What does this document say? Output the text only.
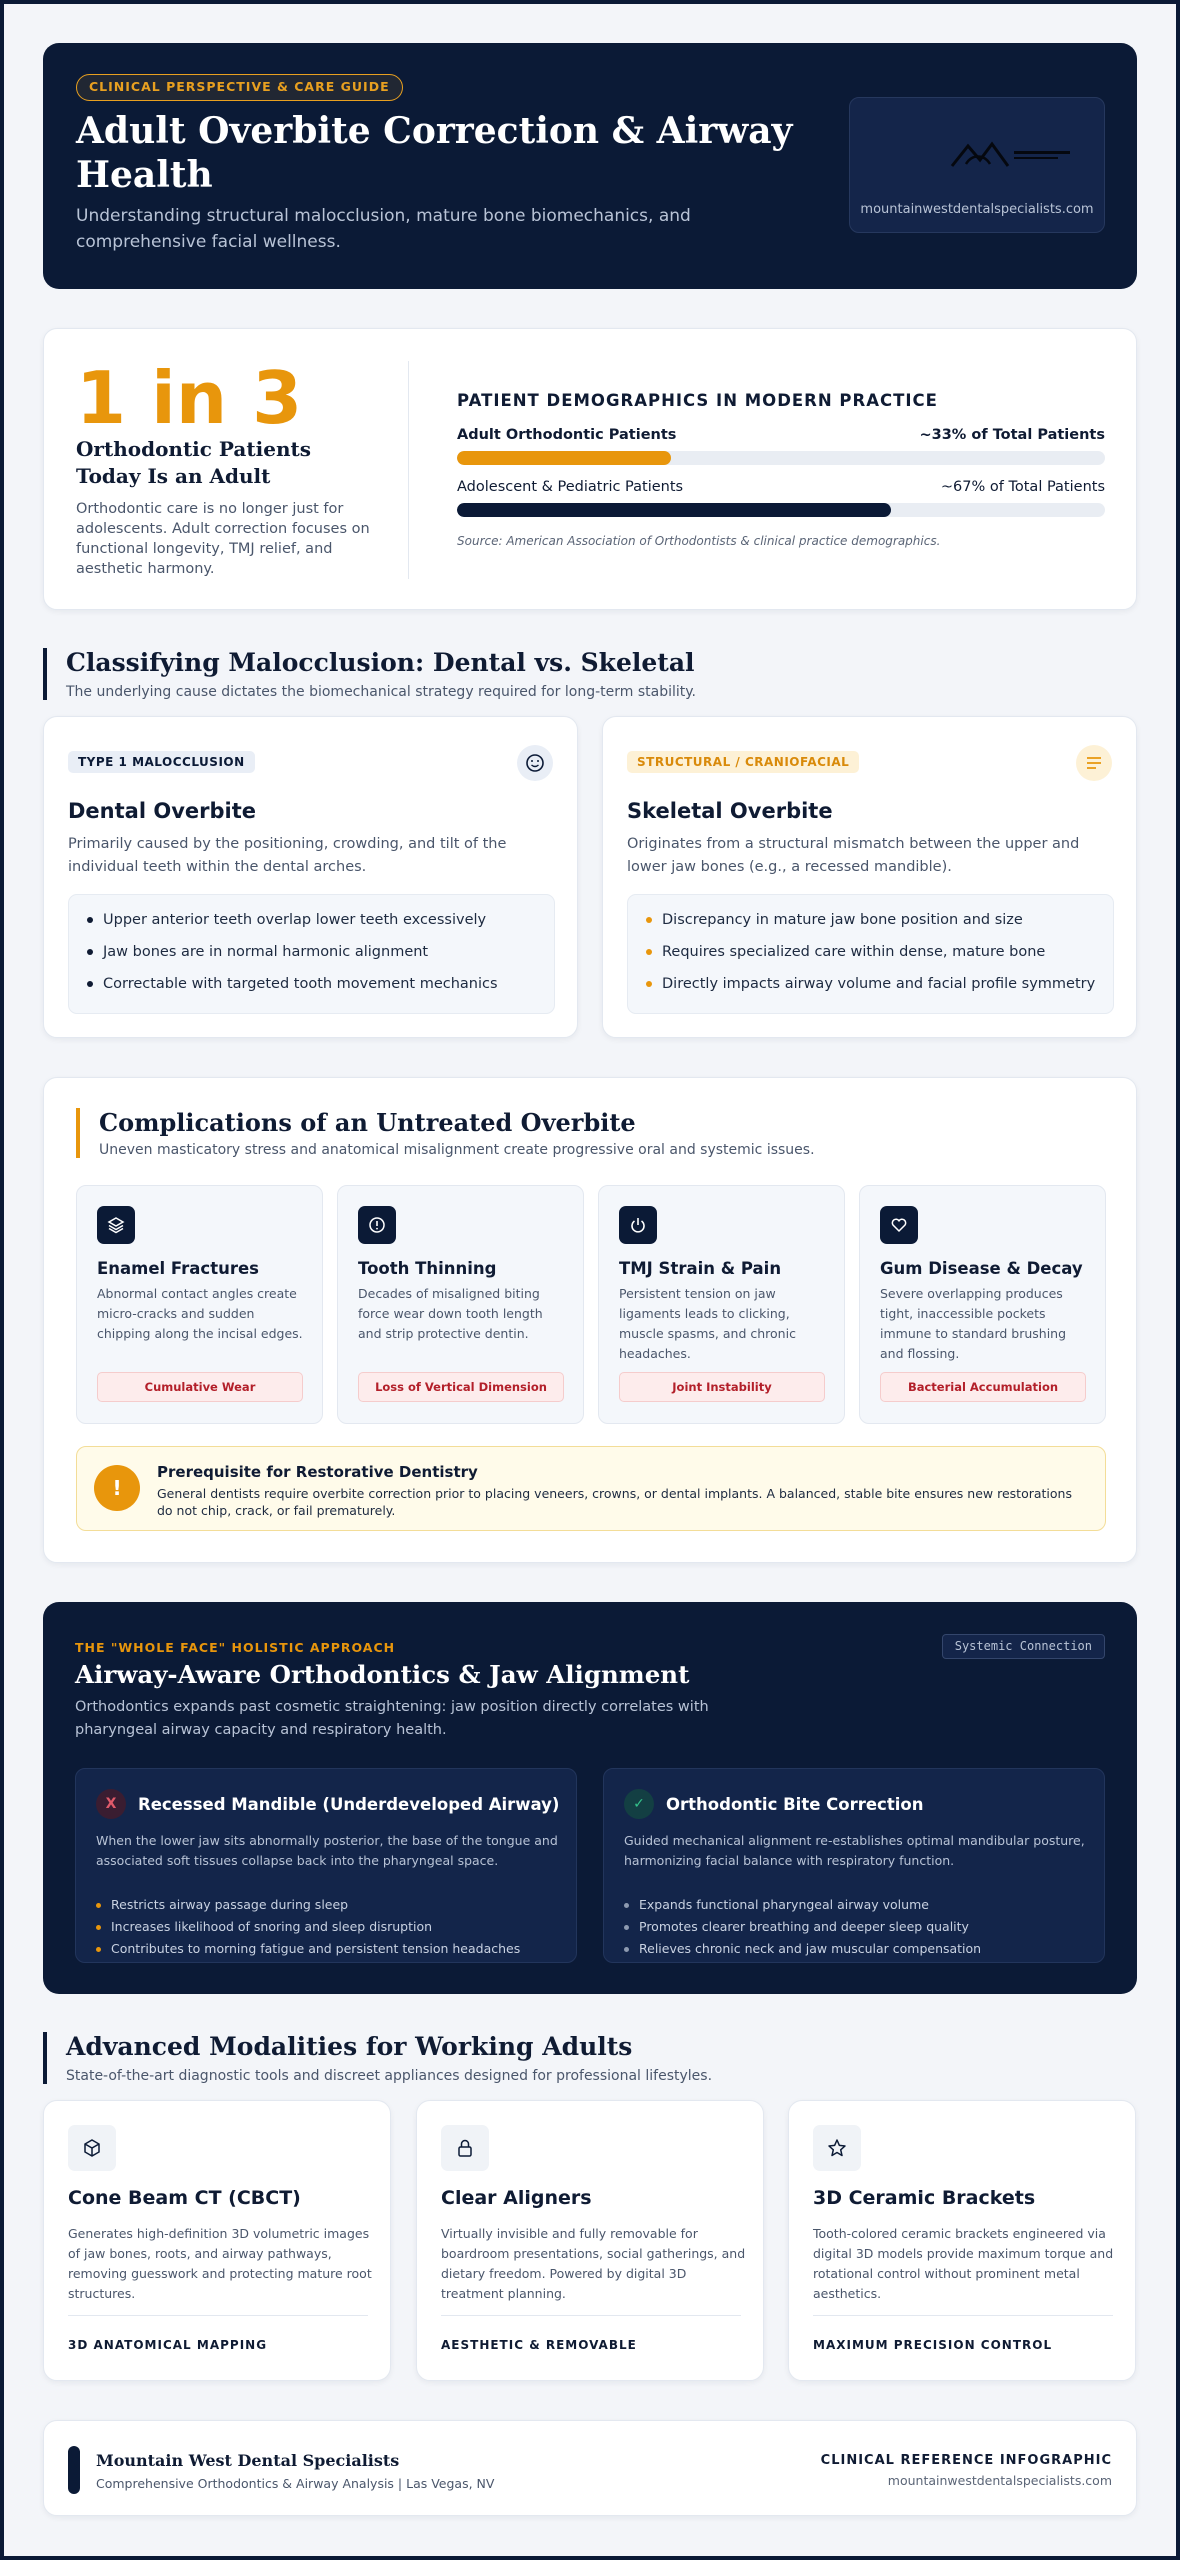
CLINICAL PERSPECTIVE & CARE GUIDE
Adult Overbite Correction & Airway Health

Understanding structural malocclusion, mature bone biomechanics, and comprehensive facial wellness.

mountainwestdentalspecialists.com
1 in 3
Orthodontic Patients Today Is an Adult

Orthodontic care is no longer just for adolescents. Adult correction focuses on functional longevity, TMJ relief, and aesthetic harmony.

PATIENT DEMOGRAPHICS IN MODERN PRACTICE
Adult Orthodontic Patients	~33% of Total Patients
Adolescent & Pediatric Patients	~67% of Total Patients

Source: American Association of Orthodontists & clinical practice demographics.

Classifying Malocclusion: Dental vs. Skeletal

The underlying cause dictates the biomechanical strategy required for long-term stability.

TYPE 1 MALOCCLUSION
Dental Overbite

Primarily caused by the positioning, crowding, and tilt of the individual teeth within the dental arches.

Upper anterior teeth overlap lower teeth excessively
Jaw bones are in normal harmonic alignment
Correctable with targeted tooth movement mechanics
STRUCTURAL / CRANIOFACIAL
Skeletal Overbite

Originates from a structural mismatch between the upper and lower jaw bones (e.g., a recessed mandible).

Discrepancy in mature jaw bone position and size
Requires specialized care within dense, mature bone
Directly impacts airway volume and facial profile symmetry
Complications of an Untreated Overbite

Uneven masticatory stress and anatomical misalignment create progressive oral and systemic issues.

Enamel Fractures

Abnormal contact angles create micro-cracks and sudden chipping along the incisal edges.

Cumulative Wear
Tooth Thinning

Decades of misaligned biting force wear down tooth length and strip protective dentin.

Loss of Vertical Dimension
TMJ Strain & Pain

Persistent tension on jaw ligaments leads to clicking, muscle spasms, and chronic headaches.

Joint Instability
Gum Disease & Decay

Severe overlapping produces tight, inaccessible pockets immune to standard brushing and flossing.

Bacterial Accumulation
!
Prerequisite for Restorative Dentistry

General dentists require overbite correction prior to placing veneers, crowns, or dental implants. A balanced, stable bite ensures new restorations do not chip, crack, or fail prematurely.

THE "WHOLE FACE" HOLISTIC APPROACH	Systemic Connection
Airway-Aware Orthodontics & Jaw Alignment

Orthodontics expands past cosmetic straightening: jaw position directly correlates with pharyngeal airway capacity and respiratory health.

X	Recessed Mandible (Underdeveloped Airway)

When the lower jaw sits abnormally posterior, the base of the tongue and associated soft tissues collapse back into the pharyngeal space.

Restricts airway passage during sleep
Increases likelihood of snoring and sleep disruption
Contributes to morning fatigue and persistent tension headaches
✓	Orthodontic Bite Correction

Guided mechanical alignment re-establishes optimal mandibular posture, harmonizing facial balance with respiratory function.

Expands functional pharyngeal airway volume
Promotes clearer breathing and deeper sleep quality
Relieves chronic neck and jaw muscular compensation
Advanced Modalities for Working Adults

State-of-the-art diagnostic tools and discreet appliances designed for professional lifestyles.

Cone Beam CT (CBCT)

Generates high-definition 3D volumetric images of jaw bones, roots, and airway pathways, removing guesswork and protecting mature root structures.

3D ANATOMICAL MAPPING
Clear Aligners

Virtually invisible and fully removable for boardroom presentations, social gatherings, and dietary freedom. Powered by digital 3D treatment planning.

AESTHETIC & REMOVABLE
3D Ceramic Brackets

Tooth-colored ceramic brackets engineered via digital 3D models provide maximum torque and rotational control without prominent metal aesthetics.

MAXIMUM PRECISION CONTROL
Mountain West Dental Specialists
Comprehensive Orthodontics & Airway Analysis | Las Vegas, NV
CLINICAL REFERENCE INFOGRAPHIC
mountainwestdentalspecialists.com
